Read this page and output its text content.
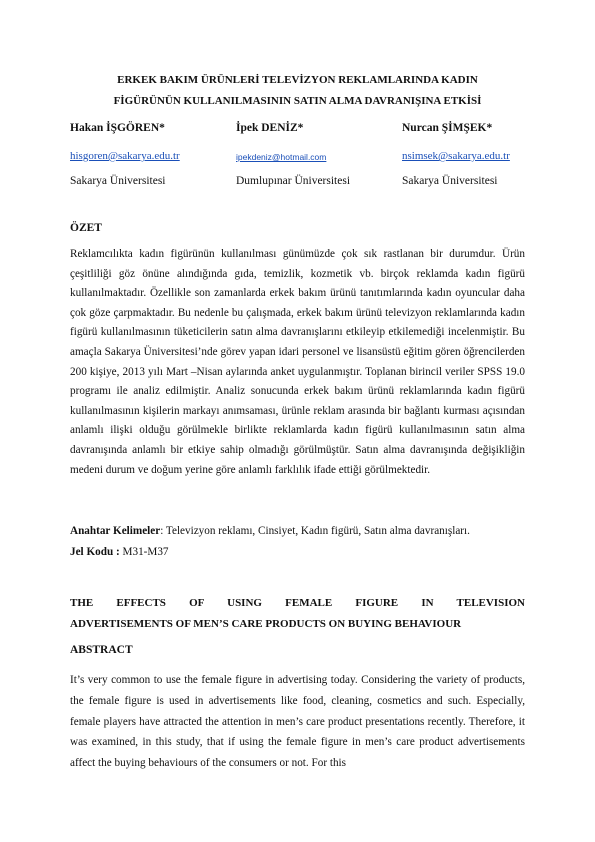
ERKEK BAKIM ÜRÜNLERİ TELEVİZYON REKLAMLARINDA KADIN
FİGÜRÜNÜN KULLANILMASININ SATIN ALMA DAVRANIŞINA ETKİSİ
Hakan İŞGÖREN*
hisgoren@sakarya.edu.tr
Sakarya Üniversitesi
İpek DENİZ*
ipekdeniz@hotmail.com
Dumlupınar Üniversitesi
Nurcan ŞİMŞEK*
nsimsek@sakarya.edu.tr
Sakarya Üniversitesi
ÖZET
Reklamcılıkta kadın figürünün kullanılması günümüzde çok sık rastlanan bir durumdur. Ürün çeşitliliği göz önüne alındığında gıda, temizlik, kozmetik vb. birçok reklamda kadın figürü kullanılmaktadır. Özellikle son zamanlarda erkek bakım ürünü tanıtımlarında kadın oyuncular daha çok göze çarpmaktadır. Bu nedenle bu çalışmada, erkek bakım ürünü televizyon reklamlarında kadın figürü kullanılmasının tüketicilerin satın alma davranışlarını etkileyip etkilemediği incelenmiştir. Bu amaçla Sakarya Üniversitesi’nde görev yapan idari personel ve lisansüstü eğitim gören öğrencilerden 200 kişiye, 2013 yılı Mart –Nisan aylarında anket uygulanmıştır. Toplanan birincil veriler SPSS 19.0 programı ile analiz edilmiştir. Analiz sonucunda erkek bakım ürünü reklamlarında kadın figürü kullanılmasının kişilerin markayı anımsaması, ürünle reklam arasında bir bağlantı kurması açısından anlamlı ilişki olduğu görülmekle birlikte reklamlarda kadın figürü kullanılmasının satın alma davranışında anlamlı bir etkiye sahip olmadığı görülmüştür. Satın alma davranışında değişikliğin medeni durum ve doğum yerine göre anlamlı farklılık ifade ettiği görülmektedir.
Anahtar Kelimeler: Televizyon reklamı, Cinsiyet, Kadın figürü, Satın alma davranışları.
Jel Kodu : M31-M37
THE EFFECTS OF USING FEMALE FIGURE IN TELEVISION
ADVERTISEMENTS OF MEN’S CARE PRODUCTS ON BUYING BEHAVIOUR
ABSTRACT
It’s very common to use the female figure in advertising today. Considering the variety of products, the female figure is used in advertisements like food, cleaning, cosmetics and such. Especially, female players have attracted the attention in men’s care product presentations recently. Therefore, it was examined, in this study, that if using the female figure in men’s care product advertisements affect the buying behaviours of the consumers or not. For this
